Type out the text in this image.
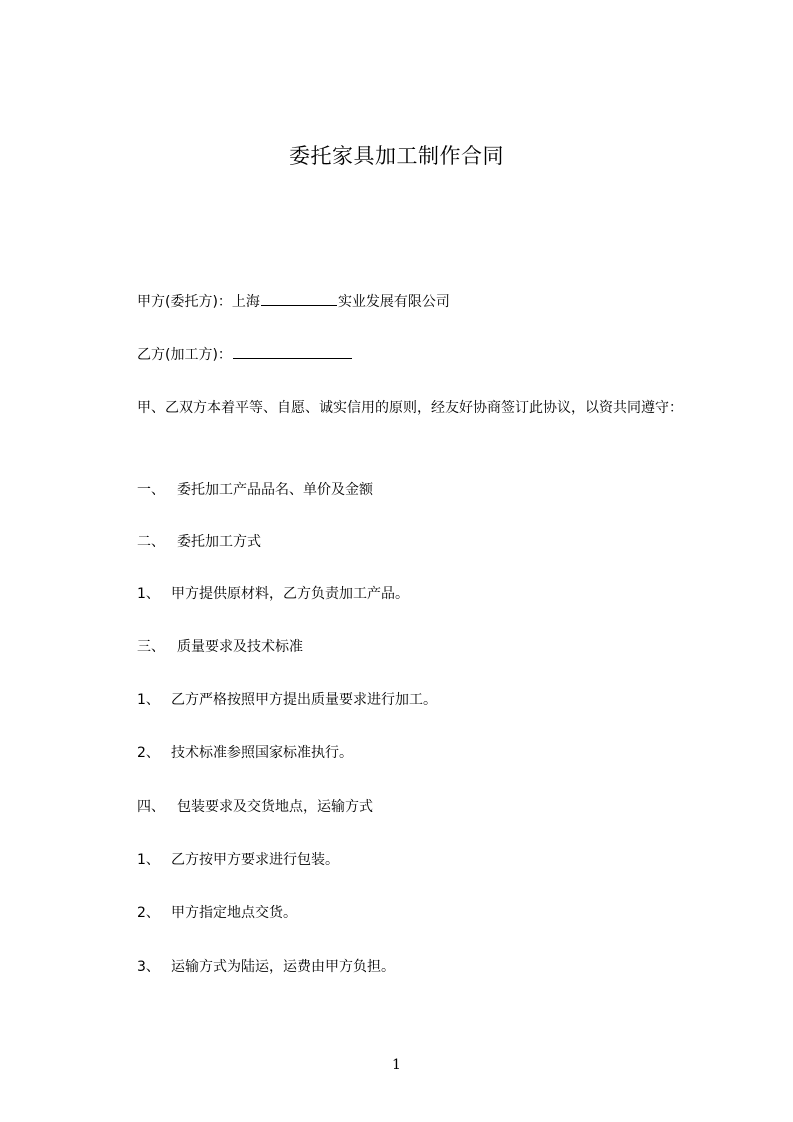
委托家具加工制作合同
甲方(委托方)：上海	实业发展有限公司
乙方(加工方)：
甲、乙双方本着平等、自愿、诚实信用的原则，经友好协商签订此协议，以资共同遵守：
一、 委托加工产品品名、单价及金额
二、 委托加工方式
1、 甲方提供原材料，乙方负责加工产品。
三、 质量要求及技术标准
1、 乙方严格按照甲方提出质量要求进行加工。
2、 技术标准参照国家标准执行。
四、 包装要求及交货地点，运输方式
1、 乙方按甲方要求进行包装。
2、 甲方指定地点交货。
3、 运输方式为陆运，运费由甲方负担。
1
